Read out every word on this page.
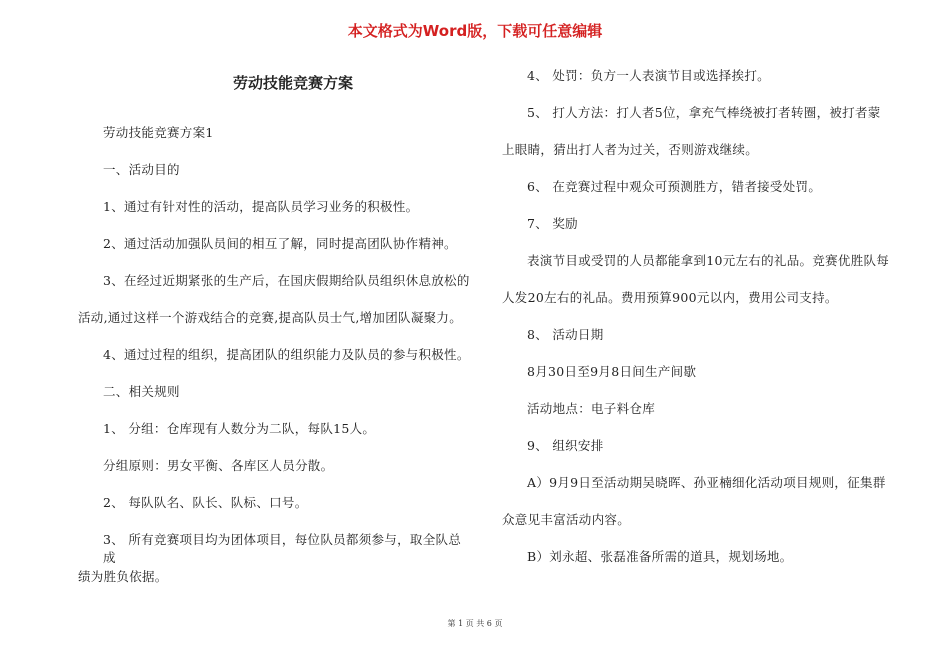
本文格式为Word版，下载可任意编辑
劳动技能竞赛方案

劳动技能竞赛方案1

一、活动目的

1、通过有针对性的活动，提高队员学习业务的积极性。

2、通过活动加强队员间的相互了解，同时提高团队协作精神。

3、在经过近期紧张的生产后，在国庆假期给队员组织休息放松的

活动,通过这样一个游戏结合的竞赛,提高队员士气,增加团队凝聚力。

4、通过过程的组织，提高团队的组织能力及队员的参与积极性。

二、相关规则

1、 分组：仓库现有人数分为二队，每队15人。

分组原则：男女平衡、各库区人员分散。

2、 每队队名、队长、队标、口号。

3、 所有竞赛项目均为团体项目，每位队员都须参与，取全队总成

绩为胜负依据。

4、 处罚：负方一人表演节目或选择挨打。

5、 打人方法：打人者5位，拿充气棒绕被打者转圈，被打者蒙

上眼睛，猜出打人者为过关，否则游戏继续。

6、 在竞赛过程中观众可预测胜方，错者接受处罚。

7、 奖励

表演节目或受罚的人员都能拿到10元左右的礼品。竞赛优胜队每

人发20左右的礼品。费用预算900元以内，费用公司支持。

8、 活动日期

8月30日至9月8日间生产间歇

活动地点：电子料仓库

9、 组织安排

A）9月9日至活动期吴晓晖、孙亚楠细化活动项目规则，征集群

众意见丰富活动内容。

B）刘永超、张磊准备所需的道具，规划场地。

第 1 页 共 6 页
